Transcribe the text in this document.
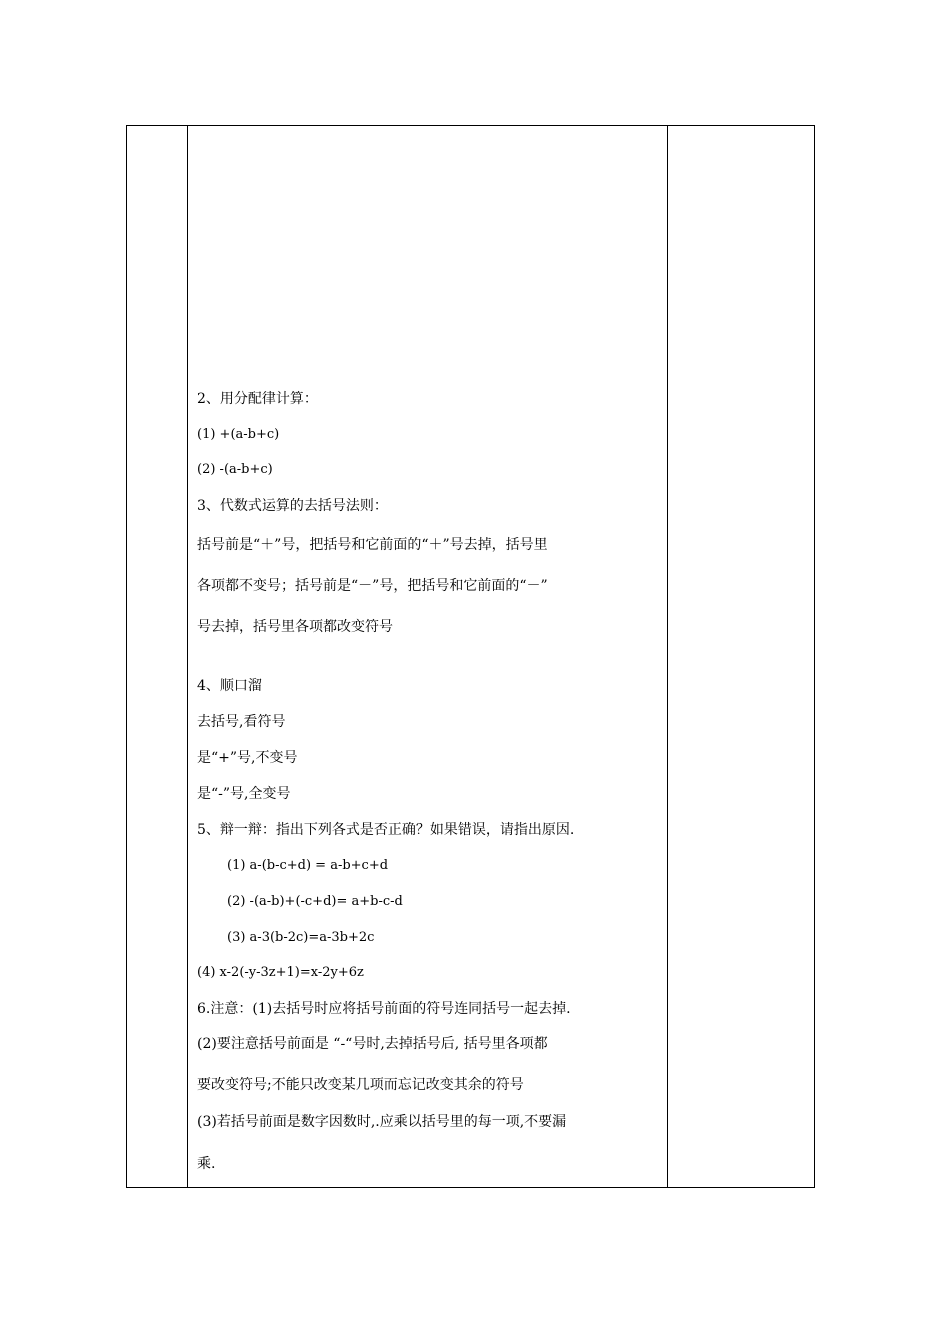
2、用分配律计算：
(1) +(a-b+c)
(2) -(a-b+c)
3、代数式运算的去括号法则：
括号前是“＋”号，把括号和它前面的“＋”号去掉，括号里
各项都不变号；括号前是“－”号，把括号和它前面的“－”
号去掉，括号里各项都改变符号
4、顺口溜
去括号,看符号
是“+”号,不变号
是“-”号,全变号
5、辩一辩：指出下列各式是否正确？如果错误，请指出原因.
(1) a-(b-c+d) = a-b+c+d
(2) -(a-b)+(-c+d)= a+b-c-d
(3) a-3(b-2c)=a-3b+2c
(4) x-2(-y-3z+1)=x-2y+6z
6.注意：(1)去括号时应将括号前面的符号连同括号一起去掉.
(2)要注意括号前面是 “-“号时,去掉括号后, 括号里各项都
要改变符号;不能只改变某几项而忘记改变其余的符号
(3)若括号前面是数字因数时,.应乘以括号里的每一项,不要漏
乘.
